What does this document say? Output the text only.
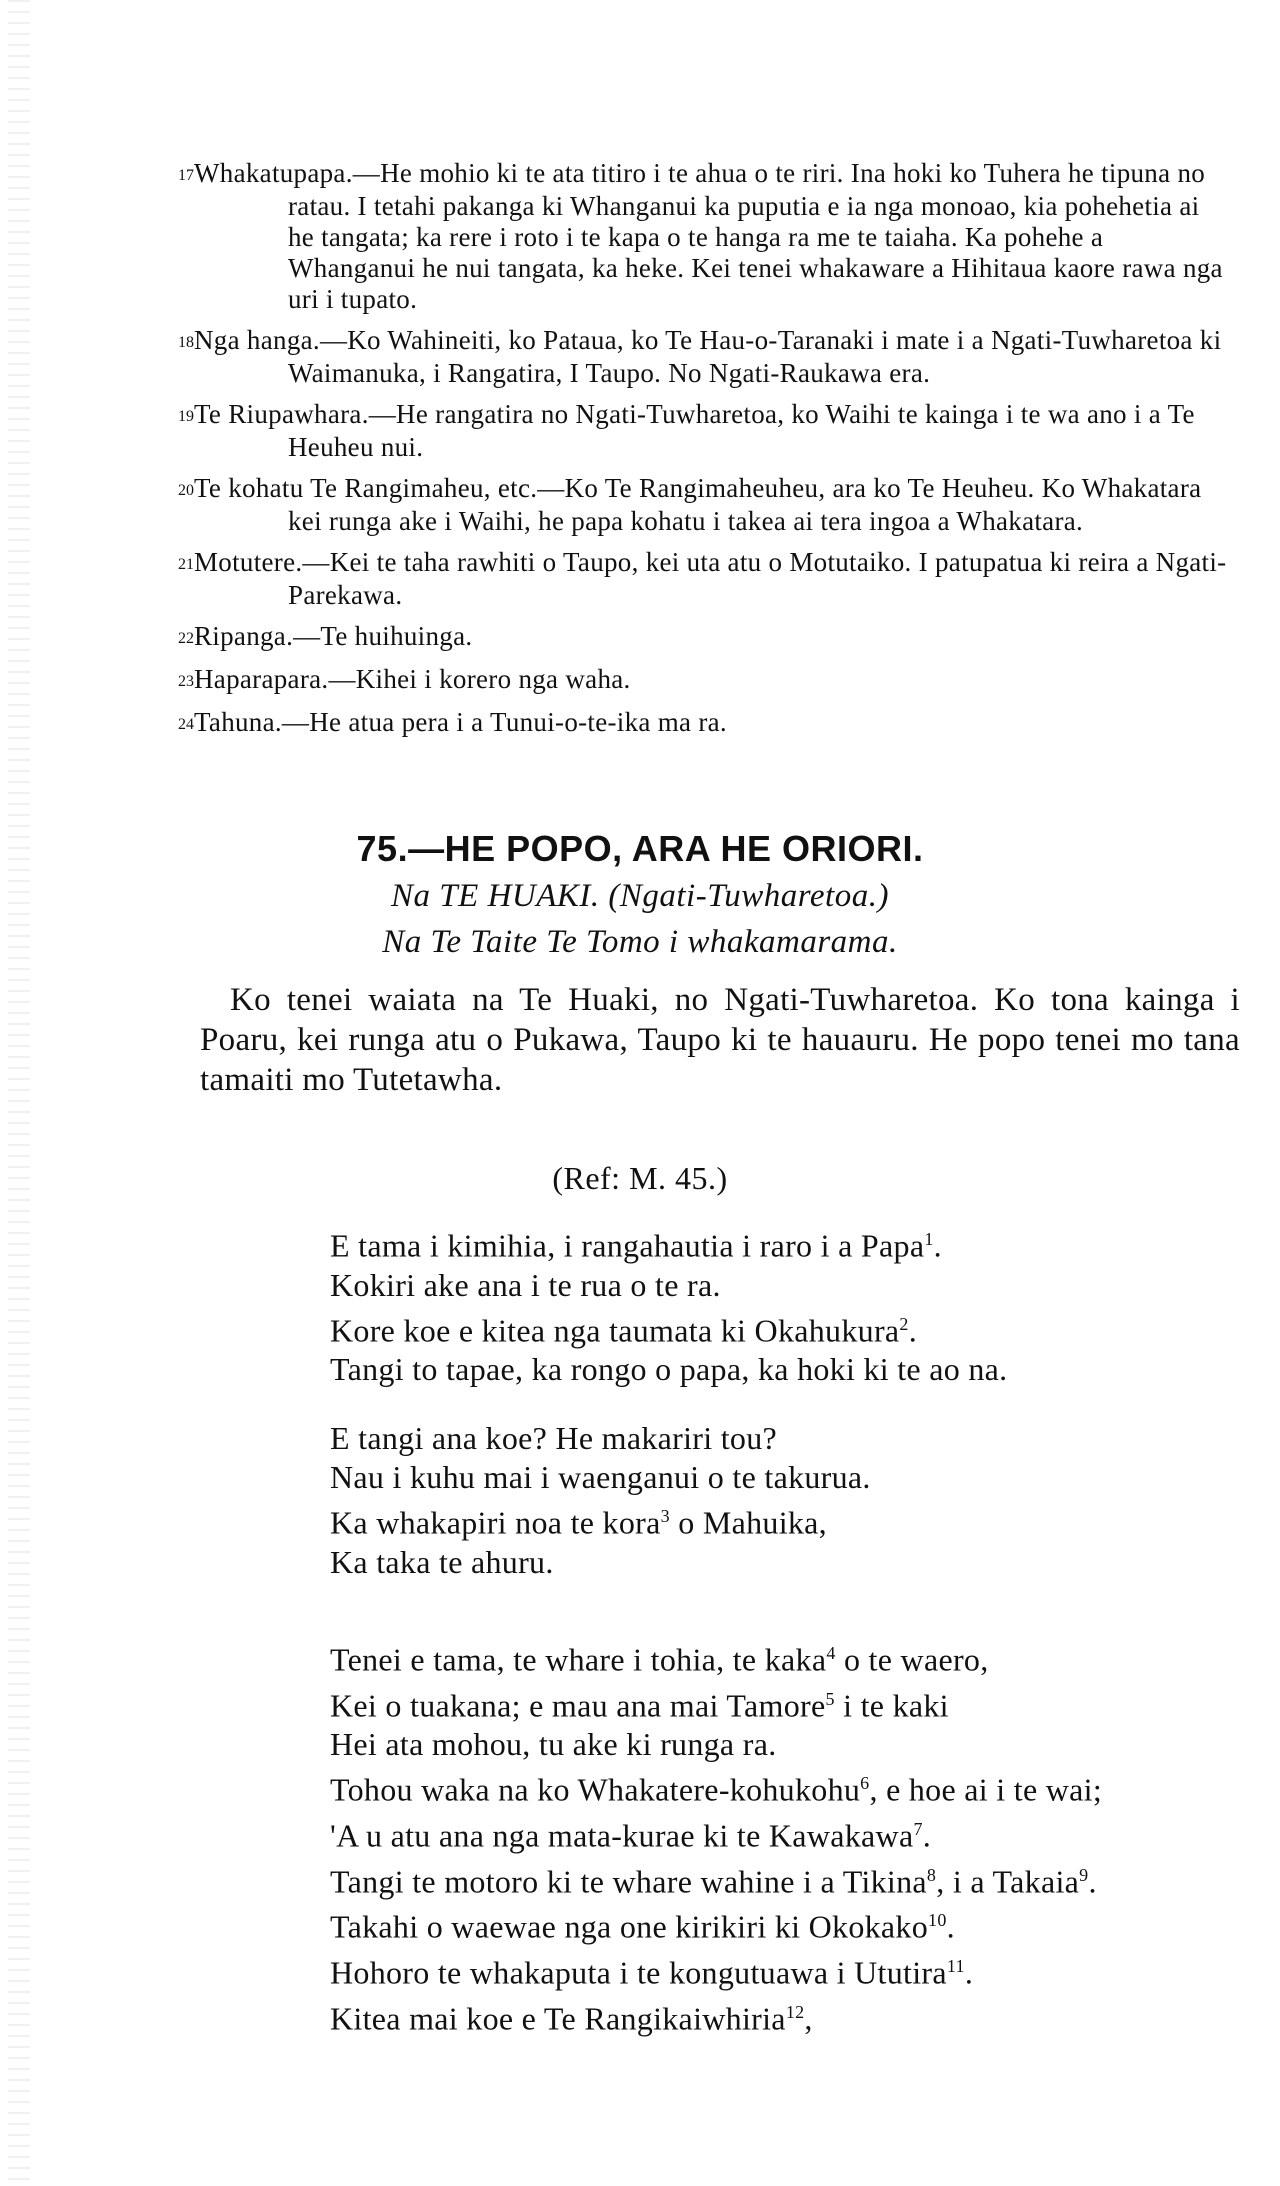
17Whakatupapa.—He mohio ki te ata titiro i te ahua o te riri. Ina hoki ko Tuhera he tipuna no ratau. I tetahi pakanga ki Whanganui ka puputia e ia nga monoao, kia pohehetia ai he tangata; ka rere i roto i te kapa o te hanga ra me te taiaha. Ka pohehe a Whanganui he nui tangata, ka heke. Kei tenei whakaware a Hihitaua kaore rawa nga uri i tupato.
18Nga hanga.—Ko Wahineiti, ko Pataua, ko Te Hau-o-Taranaki i mate i a Ngati-Tuwharetoa ki Waimanuka, i Rangatira, I Taupo. No Ngati-Raukawa era.
19Te Riupawhara.—He rangatira no Ngati-Tuwharetoa, ko Waihi te kainga i te wa ano i a Te Heuheu nui.
20Te kohatu Te Rangimaheu, etc.—Ko Te Rangimaheuheu, ara ko Te Heuheu. Ko Whakatara kei runga ake i Waihi, he papa kohatu i takea ai tera ingoa a Whakatara.
21Motutere.—Kei te taha rawhiti o Taupo, kei uta atu o Motutaiko. I patupatua ki reira a Ngati-Parekawa.
22Ripanga.—Te huihuinga.
23Haparapara.—Kihei i korero nga waha.
24Tahuna.—He atua pera i a Tunui-o-te-ika ma ra.
75.—HE POPO, ARA HE ORIORI.
Na TE HUAKI. (Ngati-Tuwharetoa.)
Na Te Taite Te Tomo i whakamarama.
Ko tenei waiata na Te Huaki, no Ngati-Tuwharetoa. Ko tona kainga i Poaru, kei runga atu o Pukawa, Taupo ki te hauauru. He popo tenei mo tana tamaiti mo Tutetawha.
(Ref: M. 45.)
E tama i kimihia, i rangahautia i raro i a Papa$^1$.
Kokiri ake ana i te rua o te ra.
Kore koe e kitea nga taumata ki Okahukura$^2$.
Tangi to tapae, ka rongo o papa, ka hoki ki te ao na.
E tangi ana koe? He makariri tou?
Nau i kuhu mai i waenganui o te takurua.
Ka whakapiri noa te kora$^3$ o Mahuika,
Ka taka te ahuru.
Tenei e tama, te whare i tohia, te kaka$^4$ o te waero,
Kei o tuakana; e mau ana mai Tamore$^5$ i te kaki
Hei ata mohou, tu ake ki runga ra.
Tohou waka na ko Whakatere-kohukohu$^6$, e hoe ai i te wai;
'A u atu ana nga mata-kurae ki te Kawakawa$^7$.
Tangi te motoro ki te whare wahine i a Tikina$^8$, i a Takaia$^9$.
Takahi o waewae nga one kirikiri ki Okokako$^{10}$.
Hohoro te whakaputa i te kongutuawa i Ututira$^{11}$.
Kitea mai koe e Te Rangikaiwhiria$^{12}$,
